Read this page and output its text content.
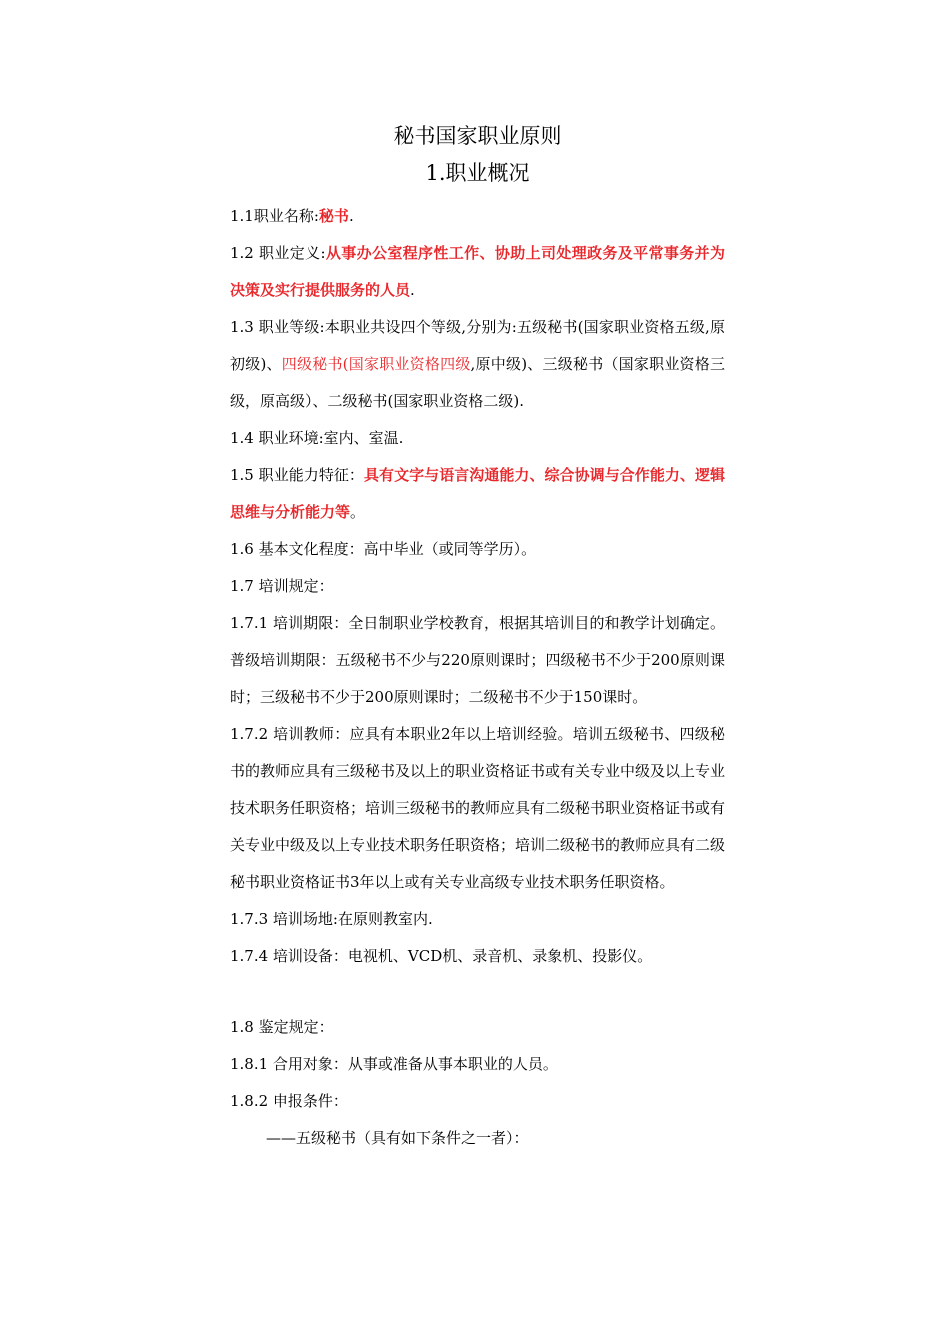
秘书国家职业原则
1.职业概况

1.1职业名称:秘书.

1.2 职业定义:从事办公室程序性工作、协助上司处理政务及平常事务并为决策及实行提供服务的人员.

1.3 职业等级:本职业共设四个等级,分别为:五级秘书(国家职业资格五级,原初级)、四级秘书(国家职业资格四级,原中级)、三级秘书（国家职业资格三级，原高级）、二级秘书(国家职业资格二级).

1.4 职业环境:室内、室温.

1.5 职业能力特征：具有文字与语言沟通能力、综合协调与合作能力、逻辑思维与分析能力等。

1.6 基本文化程度：高中毕业（或同等学历）。

1.7 培训规定：

1.7.1 培训期限：全日制职业学校教育，根据其培训目的和教学计划确定。普级培训期限：五级秘书不少与220原则课时；四级秘书不少于200原则课时；三级秘书不少于200原则课时；二级秘书不少于150课时。

1.7.2 培训教师：应具有本职业2年以上培训经验。培训五级秘书、四级秘书的教师应具有三级秘书及以上的职业资格证书或有关专业中级及以上专业技术职务任职资格；培训三级秘书的教师应具有二级秘书职业资格证书或有关专业中级及以上专业技术职务任职资格；培训二级秘书的教师应具有二级秘书职业资格证书3年以上或有关专业高级专业技术职务任职资格。

1.7.3 培训场地:在原则教室内.

1.7.4 培训设备：电视机、VCD机、录音机、录象机、投影仪。

1.8 鉴定规定：

1.8.1 合用对象：从事或准备从事本职业的人员。

1.8.2 申报条件：

——五级秘书（具有如下条件之一者）：
